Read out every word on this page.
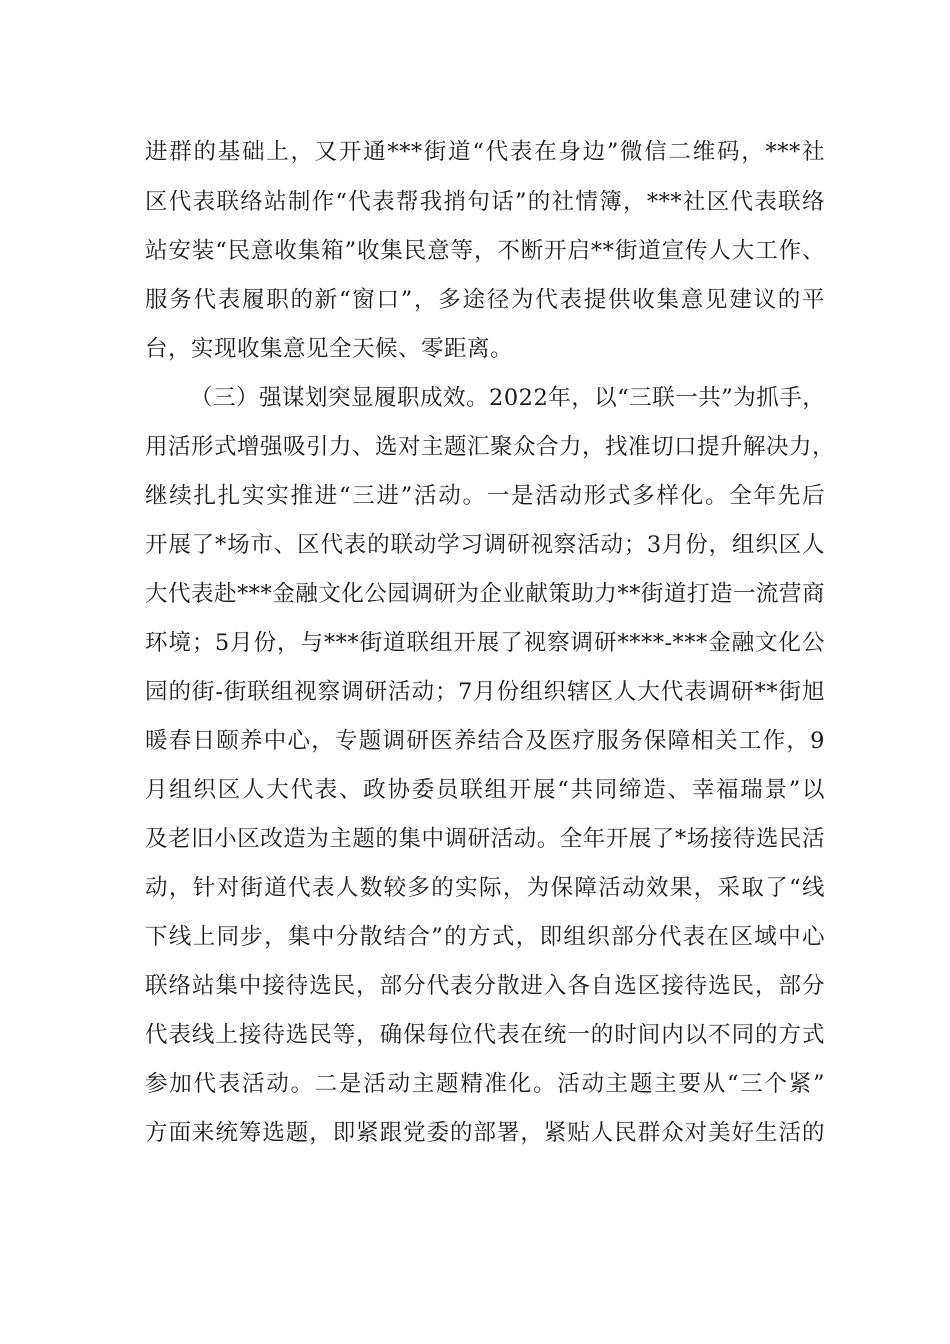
进群的基础上，又开通***街道“代表在身边”微信二维码，***社
区代表联络站制作“代表帮我捎句话”的社情簿，***社区代表联络
站安装“民意收集箱”收集民意等，不断开启**街道宣传人大工作、
服务代表履职的新“窗口”，多途径为代表提供收集意见建议的平
台，实现收集意见全天候、零距离。
（三）强谋划突显履职成效。2022年，以“三联一共”为抓手，
用活形式增强吸引力、选对主题汇聚众合力，找准切口提升解决力，
继续扎扎实实推进“三进”活动。一是活动形式多样化。全年先后
开展了*场市、区代表的联动学习调研视察活动；3月份，组织区人
大代表赴***金融文化公园调研为企业献策助力**街道打造一流营商
环境；5月份，与***街道联组开展了视察调研****-***金融文化公
园的街-街联组视察调研活动；7月份组织辖区人大代表调研**街旭
暖春日颐养中心，专题调研医养结合及医疗服务保障相关工作，9
月组织区人大代表、政协委员联组开展“共同缔造、幸福瑞景”以
及老旧小区改造为主题的集中调研活动。全年开展了*场接待选民活
动，针对街道代表人数较多的实际，为保障活动效果，采取了“线
下线上同步，集中分散结合”的方式，即组织部分代表在区域中心
联络站集中接待选民，部分代表分散进入各自选区接待选民，部分
代表线上接待选民等，确保每位代表在统一的时间内以不同的方式
参加代表活动。二是活动主题精准化。活动主题主要从“三个紧”
方面来统筹选题，即紧跟党委的部署，紧贴人民群众对美好生活的
